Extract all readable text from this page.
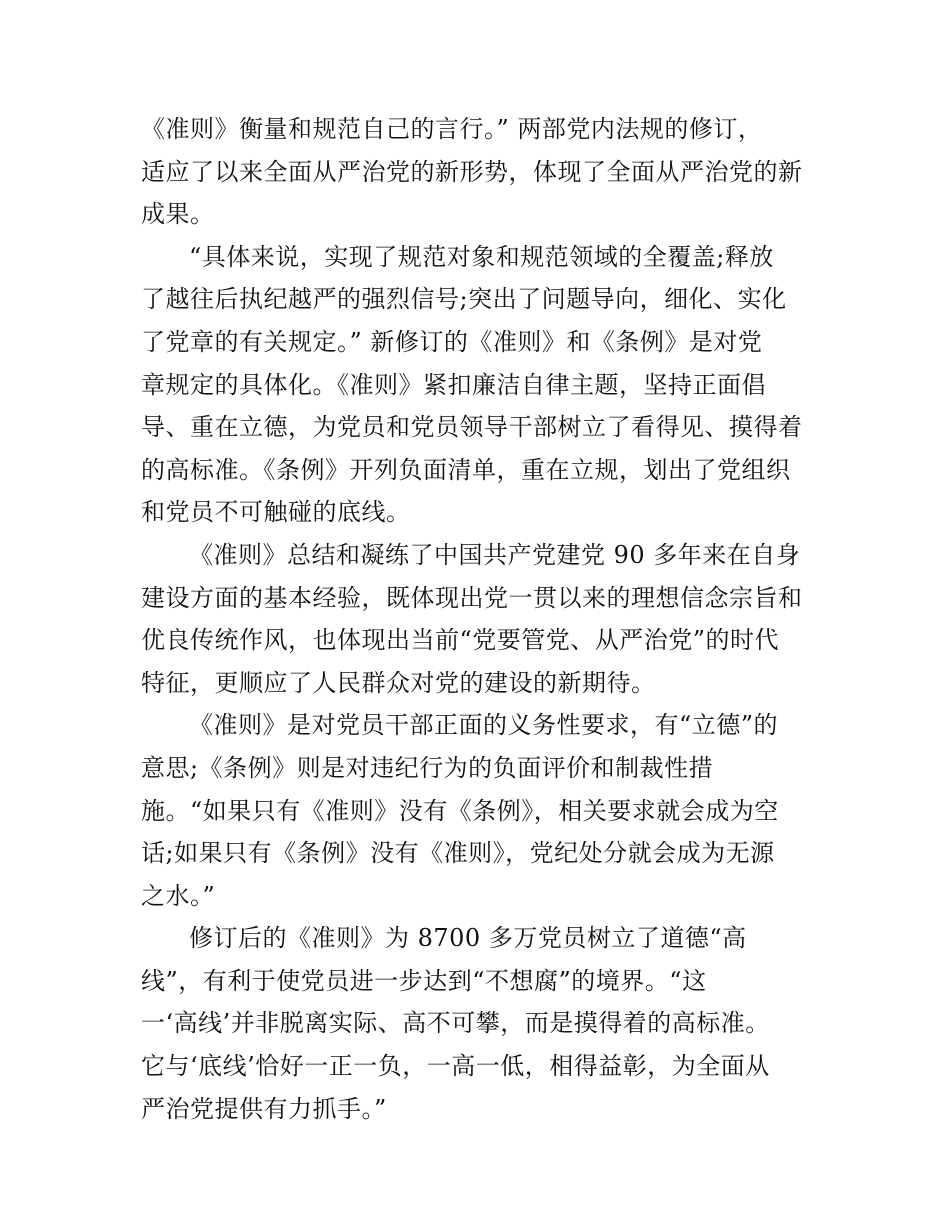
《准则》衡量和规范自己的言行。” 两部党内法规的修订，
适应了以来全面从严治党的新形势，体现了全面从严治党的新
成果。
“具体来说，实现了规范对象和规范领域的全覆盖;释放
了越往后执纪越严的强烈信号;突出了问题导向，细化、实化
了党章的有关规定。” 新修订的《准则》和《条例》是对党
章规定的具体化。《准则》紧扣廉洁自律主题，坚持正面倡
导、重在立德，为党员和党员领导干部树立了看得见、摸得着
的高标准。《条例》开列负面清单，重在立规，划出了党组织
和党员不可触碰的底线。
《准则》总结和凝练了中国共产党建党 90 多年来在自身
建设方面的基本经验，既体现出党一贯以来的理想信念宗旨和
优良传统作风，也体现出当前“党要管党、从严治党”的时代
特征，更顺应了人民群众对党的建设的新期待。
《准则》是对党员干部正面的义务性要求，有“立德”的
意思;《条例》则是对违纪行为的负面评价和制裁性措
施。“如果只有《准则》没有《条例》，相关要求就会成为空
话;如果只有《条例》没有《准则》，党纪处分就会成为无源
之水。”
修订后的《准则》为 8700 多万党员树立了道德“高
线”，有利于使党员进一步达到“不想腐”的境界。“这
一‘高线’并非脱离实际、高不可攀，而是摸得着的高标准。
它与‘底线’恰好一正一负，一高一低，相得益彰，为全面从
严治党提供有力抓手。”
